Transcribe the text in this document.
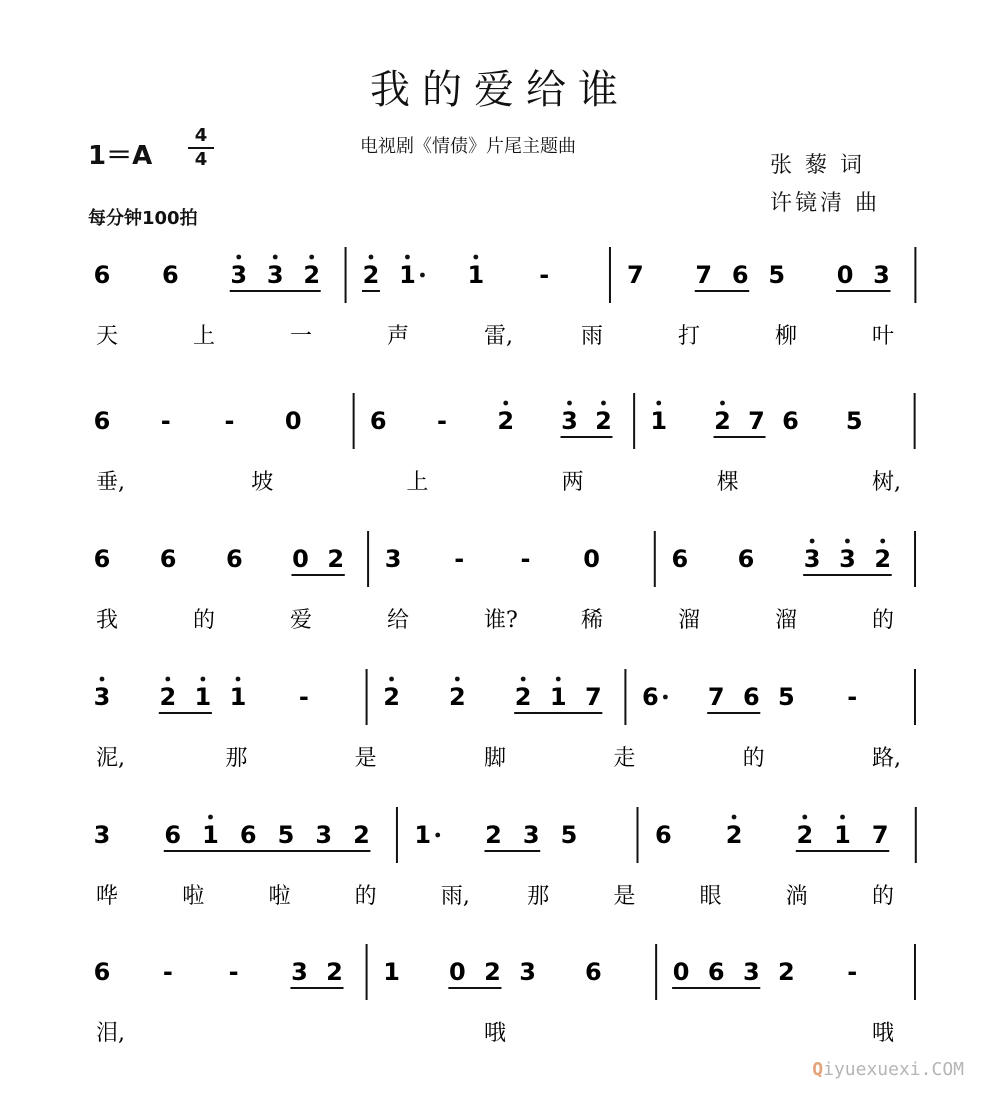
我的爱给谁
1＝A
4
4
电视剧《情债》片尾主题曲
张 藜 词
许镜清 曲
每分钟100拍
6 6 3 3 2 2 1 1 -	7 7 6 5 0 3
天	上	一	声	雷,	雨	打	柳	叶
6 - - 0	6 - 2 3 2 1 2 7 6 5
垂,	坡	上	两	棵	树,
6 6 6 0 2 3 - - 0	6 6 3 3 2
我	的	爱	给	谁?	稀	溜	溜	的
3 2 1 1 -	2 2 2 1 7 6 7 6 5 -
泥,	那	是	脚	走	的	路,
3 6 1 6 5 3 2 1 2 3 5	6 2 2 1 7
哗	啦	啦	的	雨,	那	是	眼	淌	的
6 - - 3 2 1 0 2 3 6	0 6 3 2 -
泪,	哦	哦
Qiyuexuexi.COM
